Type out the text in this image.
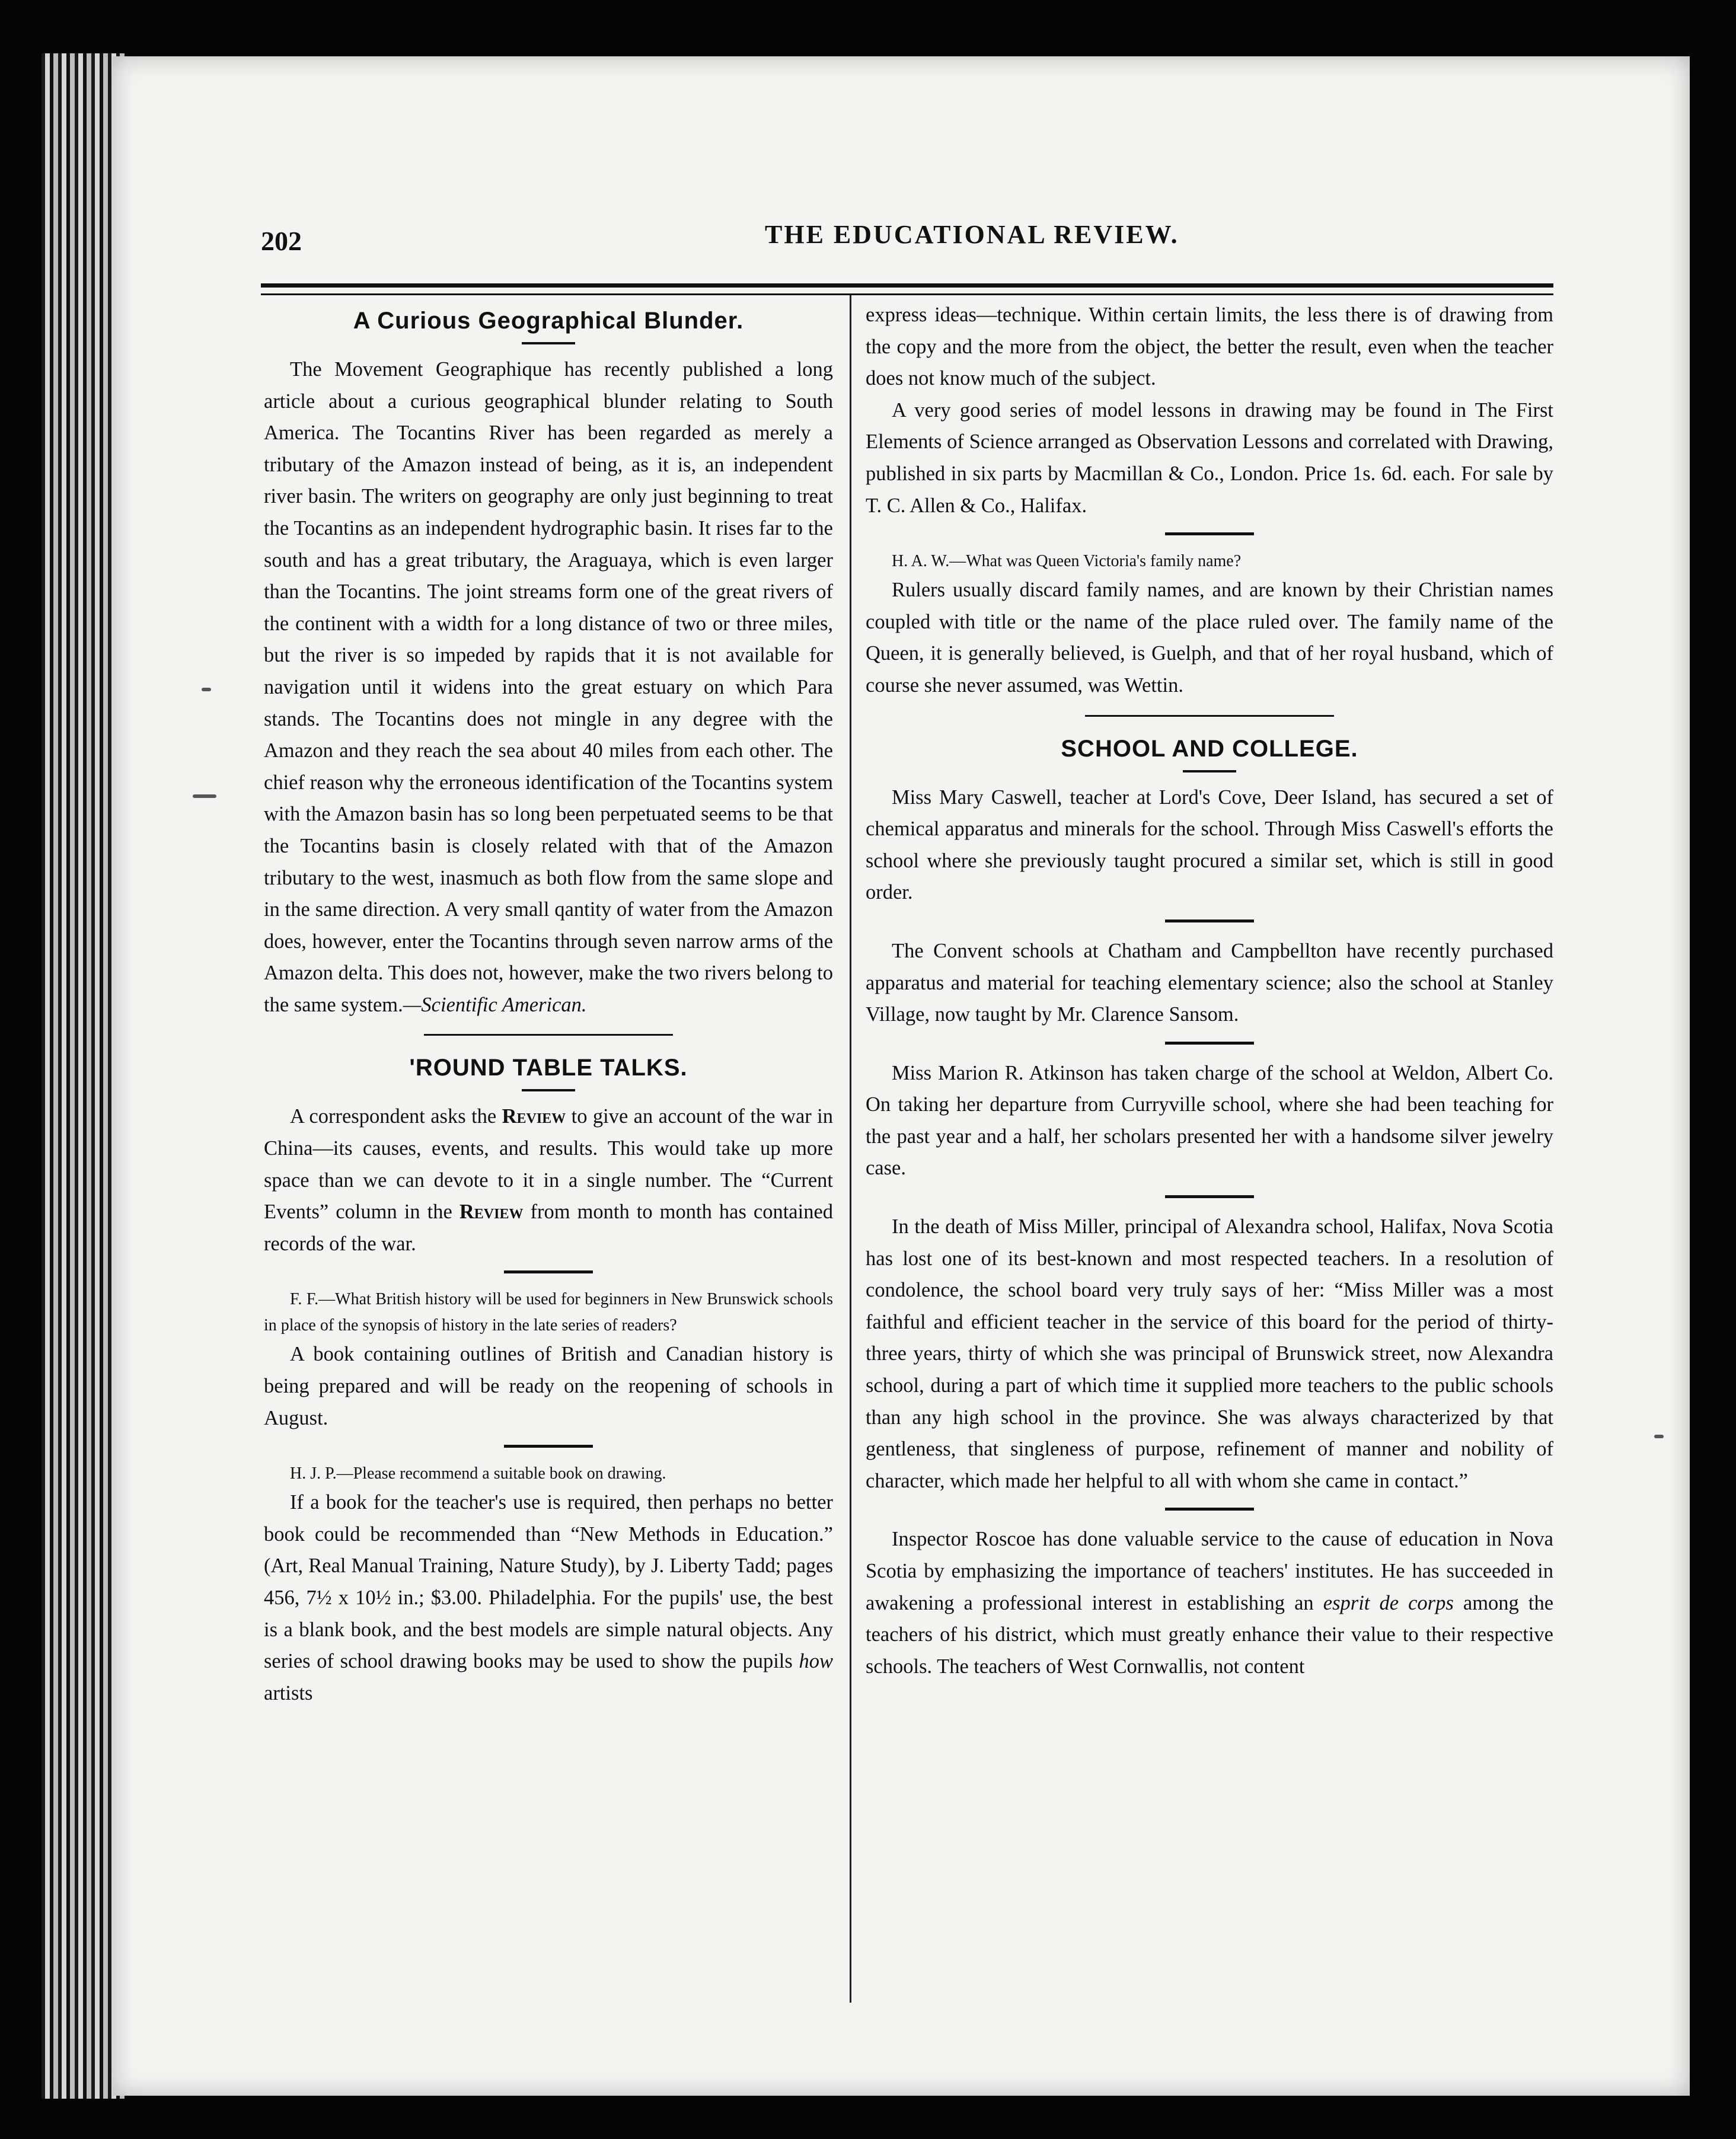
202	THE EDUCATIONAL REVIEW.
A Curious Geographical Blunder.

The Movement Geographique has recently published a long article about a curious geographical blunder relating to South America. The Tocantins River has been regarded as merely a tributary of the Amazon instead of being, as it is, an independent river basin. The writers on geography are only just beginning to treat the Tocantins as an independent hydrographic basin. It rises far to the south and has a great tributary, the Araguaya, which is even larger than the Tocantins. The joint streams form one of the great rivers of the continent with a width for a long distance of two or three miles, but the river is so impeded by rapids that it is not available for navigation until it widens into the great estuary on which Para stands. The Tocantins does not mingle in any degree with the Amazon and they reach the sea about 40 miles from each other. The chief reason why the erroneous identification of the Tocantins system with the Amazon basin has so long been perpetuated seems to be that the Tocantins basin is closely related with that of the Amazon tributary to the west, inasmuch as both flow from the same slope and in the same direction. A very small qantity of water from the Amazon does, however, enter the Tocantins through seven narrow arms of the Amazon delta. This does not, however, make the two rivers belong to the same system.—Scientific American.

'ROUND TABLE TALKS.

A correspondent asks the Review to give an account of the war in China—its causes, events, and results. This would take up more space than we can devote to it in a single number. The “Current Events” column in the Review from month to month has contained records of the war.

F. F.—What British history will be used for beginners in New Brunswick schools in place of the synopsis of history in the late series of readers?

A book containing outlines of British and Canadian history is being prepared and will be ready on the reopening of schools in August.

H. J. P.—Please recommend a suitable book on drawing.

If a book for the teacher's use is required, then perhaps no better book could be recommended than “New Methods in Education.” (Art, Real Manual Training, Nature Study), by J. Liberty Tadd; pages 456, 7½ x 10½ in.; $3.00. Philadelphia. For the pupils' use, the best is a blank book, and the best models are simple natural objects. Any series of school drawing books may be used to show the pupils how artists

express ideas—technique. Within certain limits, the less there is of drawing from the copy and the more from the object, the better the result, even when the teacher does not know much of the subject.

A very good series of model lessons in drawing may be found in The First Elements of Science arranged as Observation Lessons and correlated with Drawing, published in six parts by Macmillan & Co., London. Price 1s. 6d. each. For sale by T. C. Allen & Co., Halifax.

H. A. W.—What was Queen Victoria's family name?

Rulers usually discard family names, and are known by their Christian names coupled with title or the name of the place ruled over. The family name of the Queen, it is generally believed, is Guelph, and that of her royal husband, which of course she never assumed, was Wettin.

SCHOOL AND COLLEGE.

Miss Mary Caswell, teacher at Lord's Cove, Deer Island, has secured a set of chemical apparatus and minerals for the school. Through Miss Caswell's efforts the school where she previously taught procured a similar set, which is still in good order.

The Convent schools at Chatham and Campbellton have recently purchased apparatus and material for teaching elementary science; also the school at Stanley Village, now taught by Mr. Clarence Sansom.

Miss Marion R. Atkinson has taken charge of the school at Weldon, Albert Co. On taking her departure from Curryville school, where she had been teaching for the past year and a half, her scholars presented her with a handsome silver jewelry case.

In the death of Miss Miller, principal of Alexandra school, Halifax, Nova Scotia has lost one of its best-known and most respected teachers. In a resolution of condolence, the school board very truly says of her: “Miss Miller was a most faithful and efficient teacher in the service of this board for the period of thirty-three years, thirty of which she was principal of Brunswick street, now Alexandra school, during a part of which time it supplied more teachers to the public schools than any high school in the province. She was always characterized by that gentleness, that singleness of purpose, refinement of manner and nobility of character, which made her helpful to all with whom she came in contact.”

Inspector Roscoe has done valuable service to the cause of education in Nova Scotia by emphasizing the importance of teachers' institutes. He has succeeded in awakening a professional interest in establishing an esprit de corps among the teachers of his district, which must greatly enhance their value to their respective schools. The teachers of West Cornwallis, not content
